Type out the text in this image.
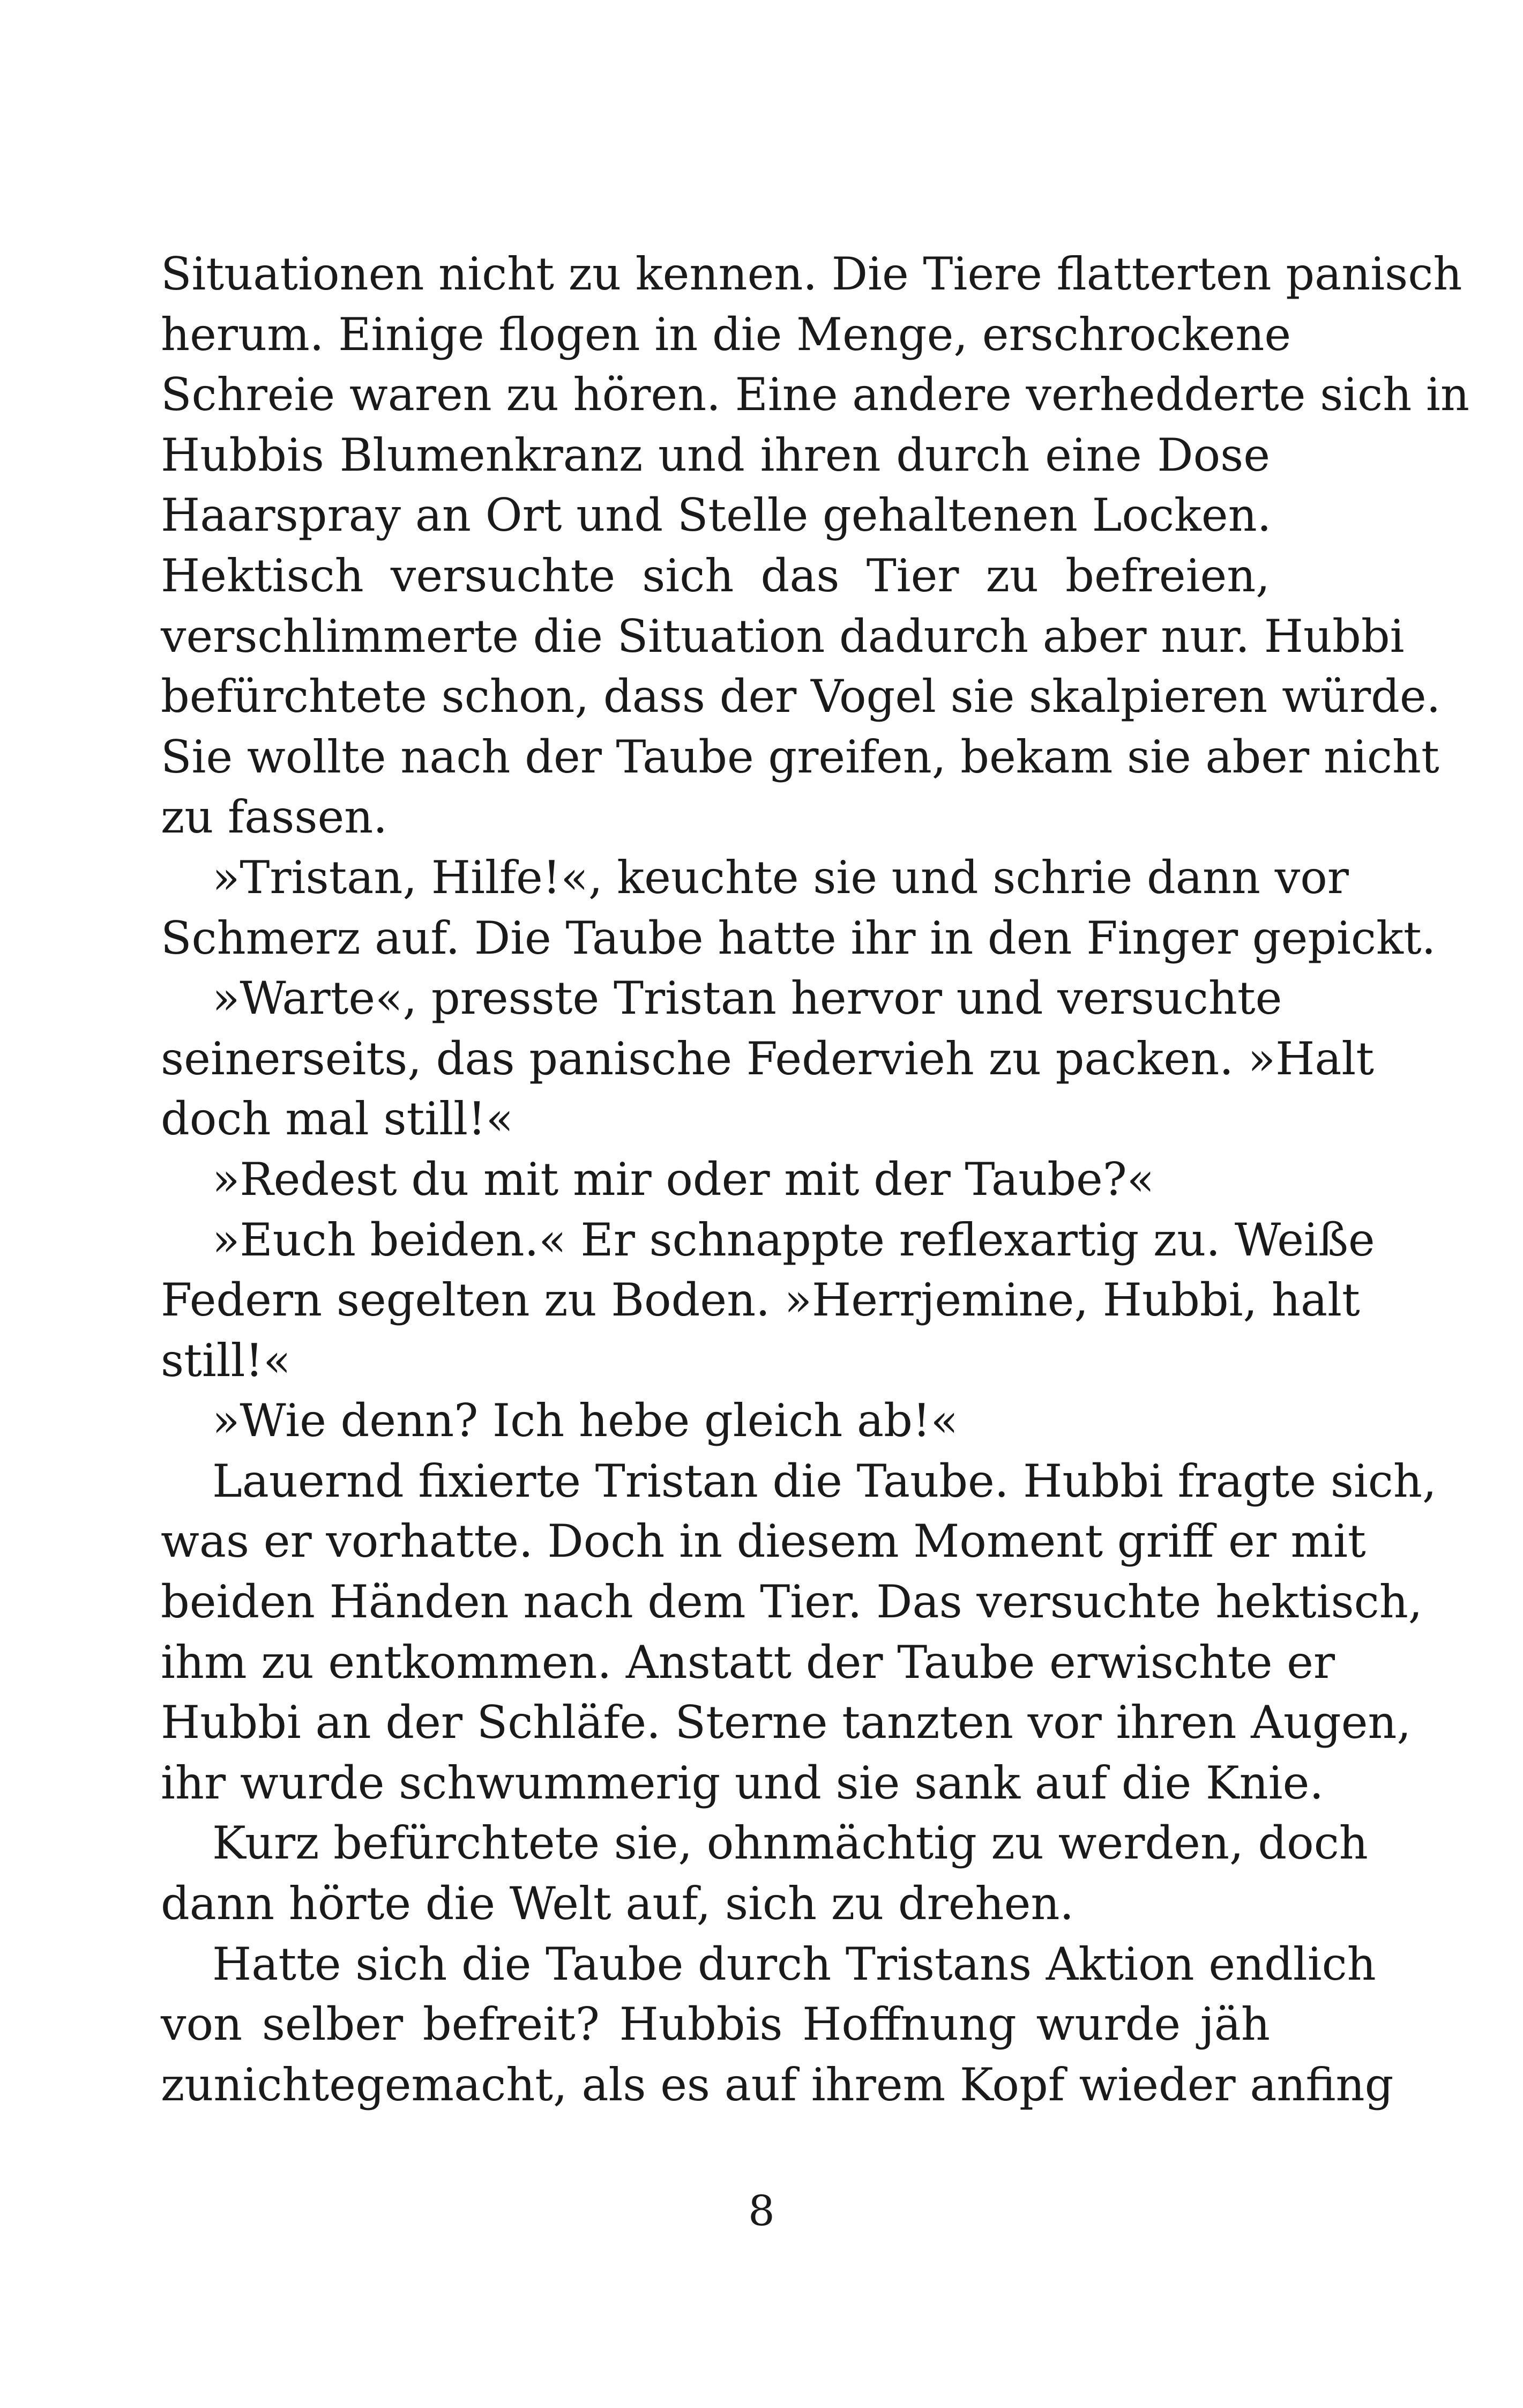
Situationen nicht zu kennen. Die Tiere flatterten panisch
herum. Einige flogen in die Menge, erschrockene
Schreie waren zu hören. Eine andere verhedderte sich in
Hubbis Blumenkranz und ihren durch eine Dose
Haarspray an Ort und Stelle gehaltenen Locken.
Hektisch versuchte sich das Tier zu befreien,
verschlimmerte die Situation dadurch aber nur. Hubbi
befürchtete schon, dass der Vogel sie skalpieren würde.
Sie wollte nach der Taube greifen, bekam sie aber nicht
zu fassen.
»Tristan, Hilfe!«, keuchte sie und schrie dann vor
Schmerz auf. Die Taube hatte ihr in den Finger gepickt.
»Warte«, presste Tristan hervor und versuchte
seinerseits, das panische Federvieh zu packen. »Halt
doch mal still!«
»Redest du mit mir oder mit der Taube?«
»Euch beiden.« Er schnappte reflexartig zu. Weiße
Federn segelten zu Boden. »Herrjemine, Hubbi, halt
still!«
»Wie denn? Ich hebe gleich ab!«
Lauernd fixierte Tristan die Taube. Hubbi fragte sich,
was er vorhatte. Doch in diesem Moment griff er mit
beiden Händen nach dem Tier. Das versuchte hektisch,
ihm zu entkommen. Anstatt der Taube erwischte er
Hubbi an der Schläfe. Sterne tanzten vor ihren Augen,
ihr wurde schwummerig und sie sank auf die Knie.
Kurz befürchtete sie, ohnmächtig zu werden, doch
dann hörte die Welt auf, sich zu drehen.
Hatte sich die Taube durch Tristans Aktion endlich
von selber befreit? Hubbis Hoffnung wurde jäh
zunichtegemacht, als es auf ihrem Kopf wieder anfing
8
